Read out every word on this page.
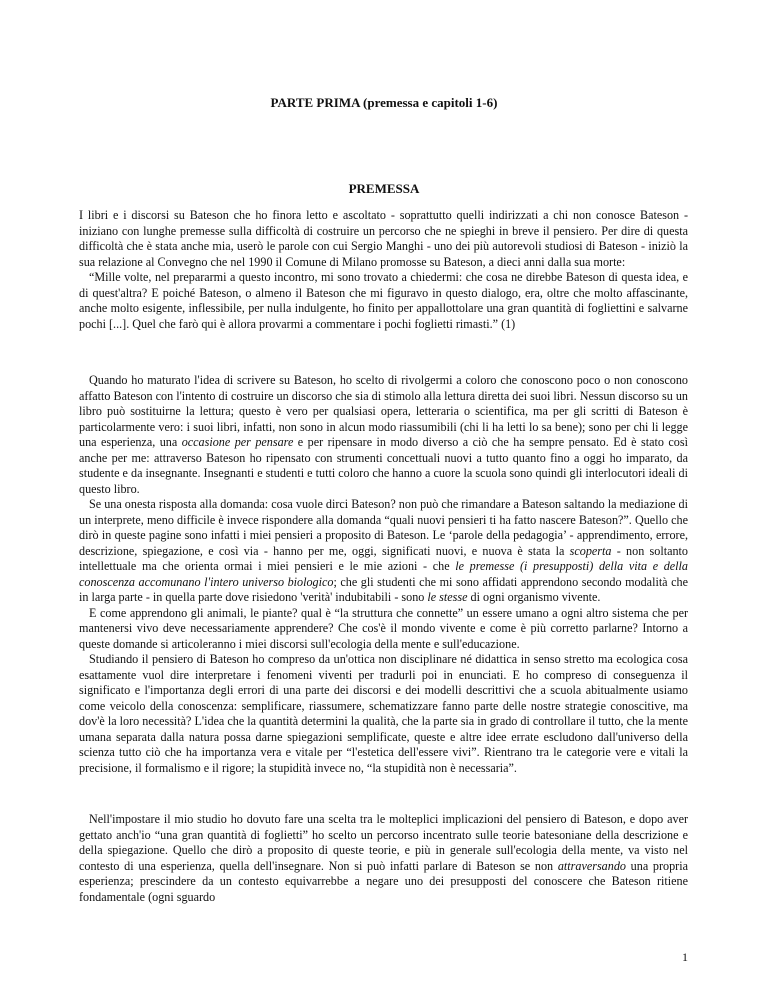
PARTE PRIMA (premessa e capitoli 1-6)
PREMESSA

I libri e i discorsi su Bateson che ho finora letto e ascoltato - soprattutto quelli indirizzati a chi non conosce Bateson - iniziano con lunghe premesse sulla difficoltà di costruire un percorso che ne spieghi in breve il pensiero. Per dire di questa difficoltà che è stata anche mia, userò le parole con cui Sergio Manghi - uno dei più autorevoli studiosi di Bateson - iniziò la sua relazione al Convegno che nel 1990 il Comune di Milano promosse su Bateson, a dieci anni dalla sua morte:

“Mille volte, nel prepararmi a questo incontro, mi sono trovato a chiedermi: che cosa ne direbbe Bateson di questa idea, e di quest'altra? E poiché Bateson, o almeno il Bateson che mi figuravo in questo dialogo, era, oltre che molto affascinante, anche molto esigente, inflessibile, per nulla indulgente, ho finito per appallottolare una gran quantità di fogliettini e salvarne pochi [...]. Quel che farò qui è allora provarmi a commentare i pochi foglietti rimasti.” (1)

Quando ho maturato l'idea di scrivere su Bateson, ho scelto di rivolgermi a coloro che conoscono poco o non conoscono affatto Bateson con l'intento di costruire un discorso che sia di stimolo alla lettura diretta dei suoi libri. Nessun discorso su un libro può sostituirne la lettura; questo è vero per qualsiasi opera, letteraria o scientifica, ma per gli scritti di Bateson è particolarmente vero: i suoi libri, infatti, non sono in alcun modo riassumibili (chi li ha letti lo sa bene); sono per chi li legge una esperienza, una occasione per pensare e per ripensare in modo diverso a ciò che ha sempre pensato. Ed è stato così anche per me: attraverso Bateson ho ripensato con strumenti concettuali nuovi a tutto quanto fino a oggi ho imparato, da studente e da insegnante. Insegnanti e studenti e tutti coloro che hanno a cuore la scuola sono quindi gli interlocutori ideali di questo libro.

Se una onesta risposta alla domanda: cosa vuole dirci Bateson? non può che rimandare a Bateson saltando la mediazione di un interprete, meno difficile è invece rispondere alla domanda “quali nuovi pensieri ti ha fatto nascere Bateson?”. Quello che dirò in queste pagine sono infatti i miei pensieri a proposito di Bateson. Le ‘parole della pedagogia’ - apprendimento, errore, descrizione, spiegazione, e così via - hanno per me, oggi, significati nuovi, e nuova è stata la scoperta - non soltanto intellettuale ma che orienta ormai i miei pensieri e le mie azioni - che le premesse (i presupposti) della vita e della conoscenza accomunano l'intero universo biologico; che gli studenti che mi sono affidati apprendono secondo modalità che in larga parte - in quella parte dove risiedono 'verità' indubitabili - sono le stesse di ogni organismo vivente.

E come apprendono gli animali, le piante? qual è “la struttura che connette” un essere umano a ogni altro sistema che per mantenersi vivo deve necessariamente apprendere? Che cos'è il mondo vivente e come è più corretto parlarne? Intorno a queste domande si articoleranno i miei discorsi sull'ecologia della mente e sull'educazione.

Studiando il pensiero di Bateson ho compreso da un'ottica non disciplinare né didattica in senso stretto ma ecologica cosa esattamente vuol dire interpretare i fenomeni viventi per tradurli poi in enunciati. E ho compreso di conseguenza il significato e l'importanza degli errori di una parte dei discorsi e dei modelli descrittivi che a scuola abitualmente usiamo come veicolo della conoscenza: semplificare, riassumere, schematizzare fanno parte delle nostre strategie conoscitive, ma dov'è la loro necessità? L'idea che la quantità determini la qualità, che la parte sia in grado di controllare il tutto, che la mente umana separata dalla natura possa darne spiegazioni semplificate, queste e altre idee errate escludono dall'universo della scienza tutto ciò che ha importanza vera e vitale per “l'estetica dell'essere vivi”. Rientrano tra le categorie vere e vitali la precisione, il formalismo e il rigore; la stupidità invece no, “la stupidità non è necessaria”.

Nell'impostare il mio studio ho dovuto fare una scelta tra le molteplici implicazioni del pensiero di Bateson, e dopo aver gettato anch'io “una gran quantità di foglietti” ho scelto un percorso incentrato sulle teorie batesoniane della descrizione e della spiegazione. Quello che dirò a proposito di queste teorie, e più in generale sull'ecologia della mente, va visto nel contesto di una esperienza, quella dell'insegnare. Non si può infatti parlare di Bateson se non attraversando una propria esperienza; prescindere da un contesto equivarrebbe a negare uno dei presupposti del conoscere che Bateson ritiene fondamentale (ogni sguardo

1
